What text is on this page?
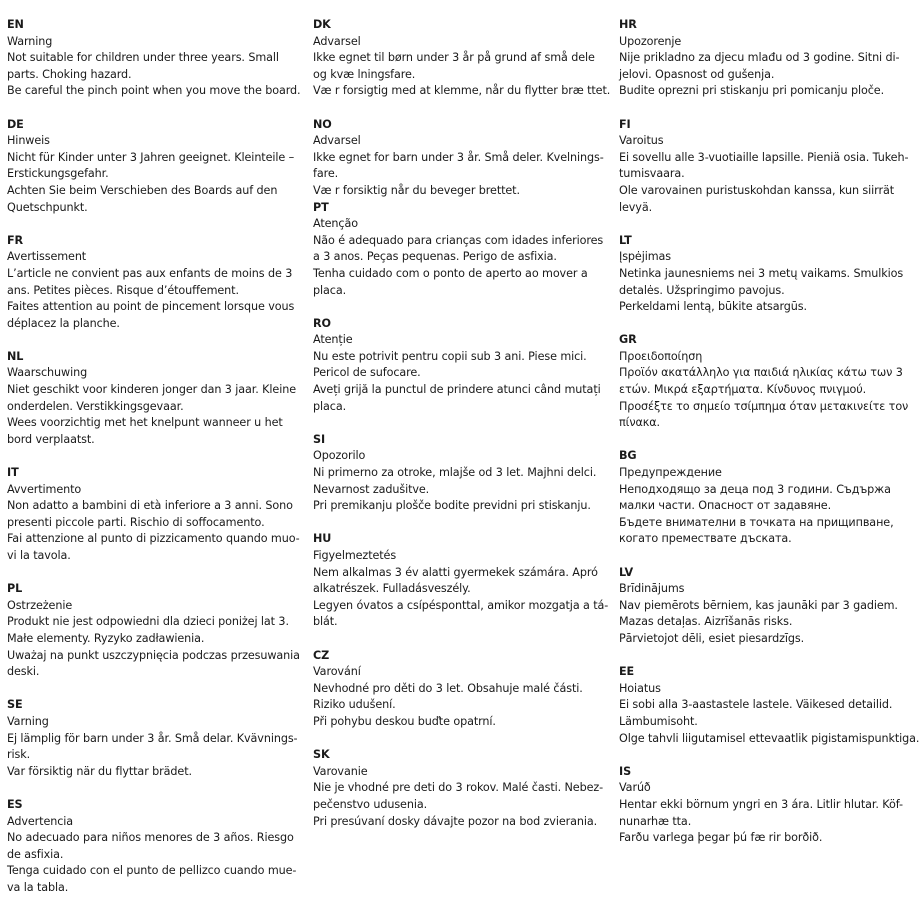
EN
Warning
Not suitable for children under three years. Small
parts. Choking hazard.
Be careful the pinch point when you move the board.
DE
Hinweis
Nicht für Kinder unter 3 Jahren geeignet. Kleinteile –
Erstickungsgefahr.
Achten Sie beim Verschieben des Boards auf den
Quetschpunkt.
FR
Avertissement
L’article ne convient pas aux enfants de moins de 3
ans. Petites pièces. Risque d’étouffement.
Faites attention au point de pincement lorsque vous
déplacez la planche.
NL
Waarschuwing
Niet geschikt voor kinderen jonger dan 3 jaar. Kleine
onderdelen. Verstikkingsgevaar.
Wees voorzichtig met het knelpunt wanneer u het
bord verplaatst.
IT
Avvertimento
Non adatto a bambini di età inferiore a 3 anni. Sono
presenti piccole parti. Rischio di soffocamento.
Fai attenzione al punto di pizzicamento quando muo-
vi la tavola.
PL
Ostrzeżenie
Produkt nie jest odpowiedni dla dzieci poniżej lat 3.
Małe elementy. Ryzyko zadławienia.
Uważaj na punkt uszczypnięcia podczas przesuwania
deski.
SE
Varning
Ej lämplig för barn under 3 år. Små delar. Kvävnings-
risk.
Var försiktig när du flyttar brädet.
ES
Advertencia
No adecuado para niños menores de 3 años. Riesgo
de asfixia.
Tenga cuidado con el punto de pellizco cuando mue-
va la tabla.
DK
Advarsel
Ikke egnet til børn under 3 år på grund af små dele
og kvæ lningsfare.
Væ r forsigtig med at klemme, når du flytter bræ ttet.
NO
Advarsel
Ikke egnet for barn under 3 år. Små deler. Kvelnings-
fare.
Væ r forsiktig når du beveger brettet.
PT
Atenção
Não é adequado para crianças com idades inferiores
a 3 anos. Peças pequenas. Perigo de asfixia.
Tenha cuidado com o ponto de aperto ao mover a
placa.
RO
Atenție
Nu este potrivit pentru copii sub 3 ani. Piese mici.
Pericol de sufocare.
Aveți grijă la punctul de prindere atunci când mutați
placa.
SI
Opozorilo
Ni primerno za otroke, mlajše od 3 let. Majhni delci.
Nevarnost zadušitve.
Pri premikanju plošče bodite previdni pri stiskanju.
HU
Figyelmeztetés
Nem alkalmas 3 év alatti gyermekek számára. Apró
alkatrészek. Fulladásveszély.
Legyen óvatos a csípésponttal, amikor mozgatja a tá-
blát.
CZ
Varování
Nevhodné pro děti do 3 let. Obsahuje malé části.
Riziko udušení.
Při pohybu deskou buďte opatrní.
SK
Varovanie
Nie je vhodné pre deti do 3 rokov. Malé časti. Nebez-
pečenstvo udusenia.
Pri presúvaní dosky dávajte pozor na bod zvierania.
HR
Upozorenje
Nije prikladno za djecu mlađu od 3 godine. Sitni di-
jelovi. Opasnost od gušenja.
Budite oprezni pri stiskanju pri pomicanju ploče.
FI
Varoitus
Ei sovellu alle 3-vuotiaille lapsille. Pieniä osia. Tukeh-
tumisvaara.
Ole varovainen puristuskohdan kanssa, kun siirrät
levyä.
LT
Įspėjimas
Netinka jaunesniems nei 3 metų vaikams. Smulkios
detalės. Užspringimo pavojus.
Perkeldami lentą, būkite atsargūs.
GR
Προειδοποίηση
Προϊόν ακατάλληλο για παιδιά ηλικίας κάτω των 3
ετών. Μικρά εξαρτήματα. Κίνδυνος πνιγμού.
Προσέξτε το σημείο τσίμπημα όταν μετακινείτε τον
πίνακα.
BG
Предупреждение
Неподходящо за деца под 3 години. Съдържа
малки части. Опасност от задавяне.
Бъдете внимателни в точката на прищипване,
когато премествате дъската.
LV
Brīdinājums
Nav piemērots bērniem, kas jaunāki par 3 gadiem.
Mazas detaļas. Aizrīšanās risks.
Pārvietojot dēli, esiet piesardzīgs.
EE
Hoiatus
Ei sobi alla 3-aastastele lastele. Väikesed detailid.
Lämbumisoht.
Olge tahvli liigutamisel ettevaatlik pigistamispunktiga.
IS
Varúð
Hentar ekki börnum yngri en 3 ára. Litlir hlutar. Köf-
nunarhæ tta.
Farðu varlega þegar þú fæ rir borðið.
